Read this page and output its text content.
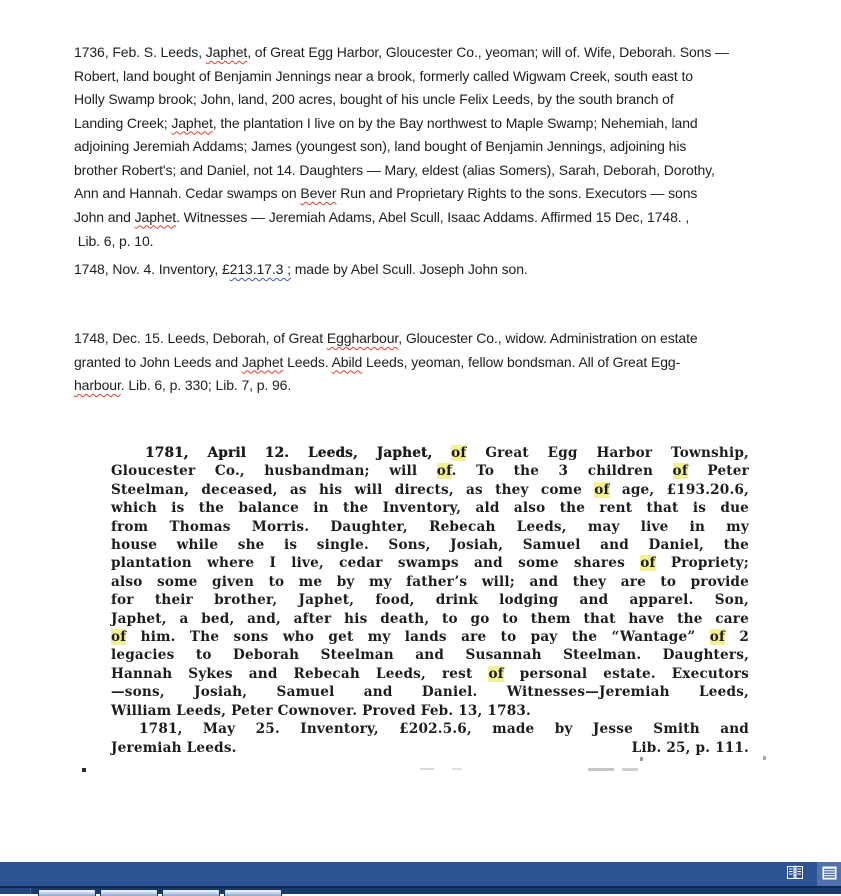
1736, Feb. S. Leeds, Japhet, of Great Egg Harbor, Gloucester Co., yeoman; will of. Wife, Deborah. Sons —
Robert, land bought of Benjamin Jennings near a brook, formerly called Wigwam Creek, south east to
Holly Swamp brook; John, land, 200 acres, bought of his uncle Felix Leeds, by the south branch of
Landing Creek; Japhet, the plantation I live on by the Bay northwest to Maple Swamp; Nehemiah, land
adjoining Jeremiah Addams; James (youngest son), land bought of Benjamin Jennings, adjoining his
brother Robert's; and Daniel, not 14. Daughters — Mary, eldest (alias Somers), Sarah, Deborah, Dorothy,
Ann and Hannah. Cedar swamps on Bever Run and Proprietary Rights to the sons. Executors — sons
John and Japhet. Witnesses — Jeremiah Adams, Abel Scull, Isaac Addams. Affirmed 15 Dec, 1748. ,
Lib. 6, p. 10.
1748, Nov. 4. Inventory, £213.17.3 ; made by Abel Scull. Joseph John son.
1748, Dec. 15. Leeds, Deborah, of Great Eggharbour, Gloucester Co., widow. Administration on estate
granted to John Leeds and Japhet Leeds. Abild Leeds, yeoman, fellow bondsman. All of Great Egg-
harbour. Lib. 6, p. 330; Lib. 7, p. 96.
1781, April 12. Leeds, Japhet, of Great Egg Harbor Township,
Gloucester Co., husbandman; will of. To the 3 children of Peter
Steelman, deceased, as his will directs, as they come of age, £193.20.6,
which is the balance in the Inventory, ald also the rent that is due
from Thomas Morris. Daughter, Rebecah Leeds, may live in my
house while she is single. Sons, Josiah, Samuel and Daniel, the
plantation where I live, cedar swamps and some shares of Propriety;
also some given to me by my father’s will; and they are to provide
for their brother, Japhet, food, drink lodging and apparel. Son,
Japhet, a bed, and, after his death, to go to them that have the care
of him. The sons who get my lands are to pay the “Wantage” of 2
legacies to Deborah Steelman and Susannah Steelman. Daughters,
Hannah Sykes and Rebecah Leeds, rest of personal estate. Executors
—sons, Josiah, Samuel and Daniel. Witnesses—Jeremiah Leeds,
William Leeds, Peter Cownover. Proved Feb. 13, 1783.
1781, May 25. Inventory, £202.5.6, made by Jesse Smith and
Jeremiah Leeds.	Lib. 25, p. 111.
